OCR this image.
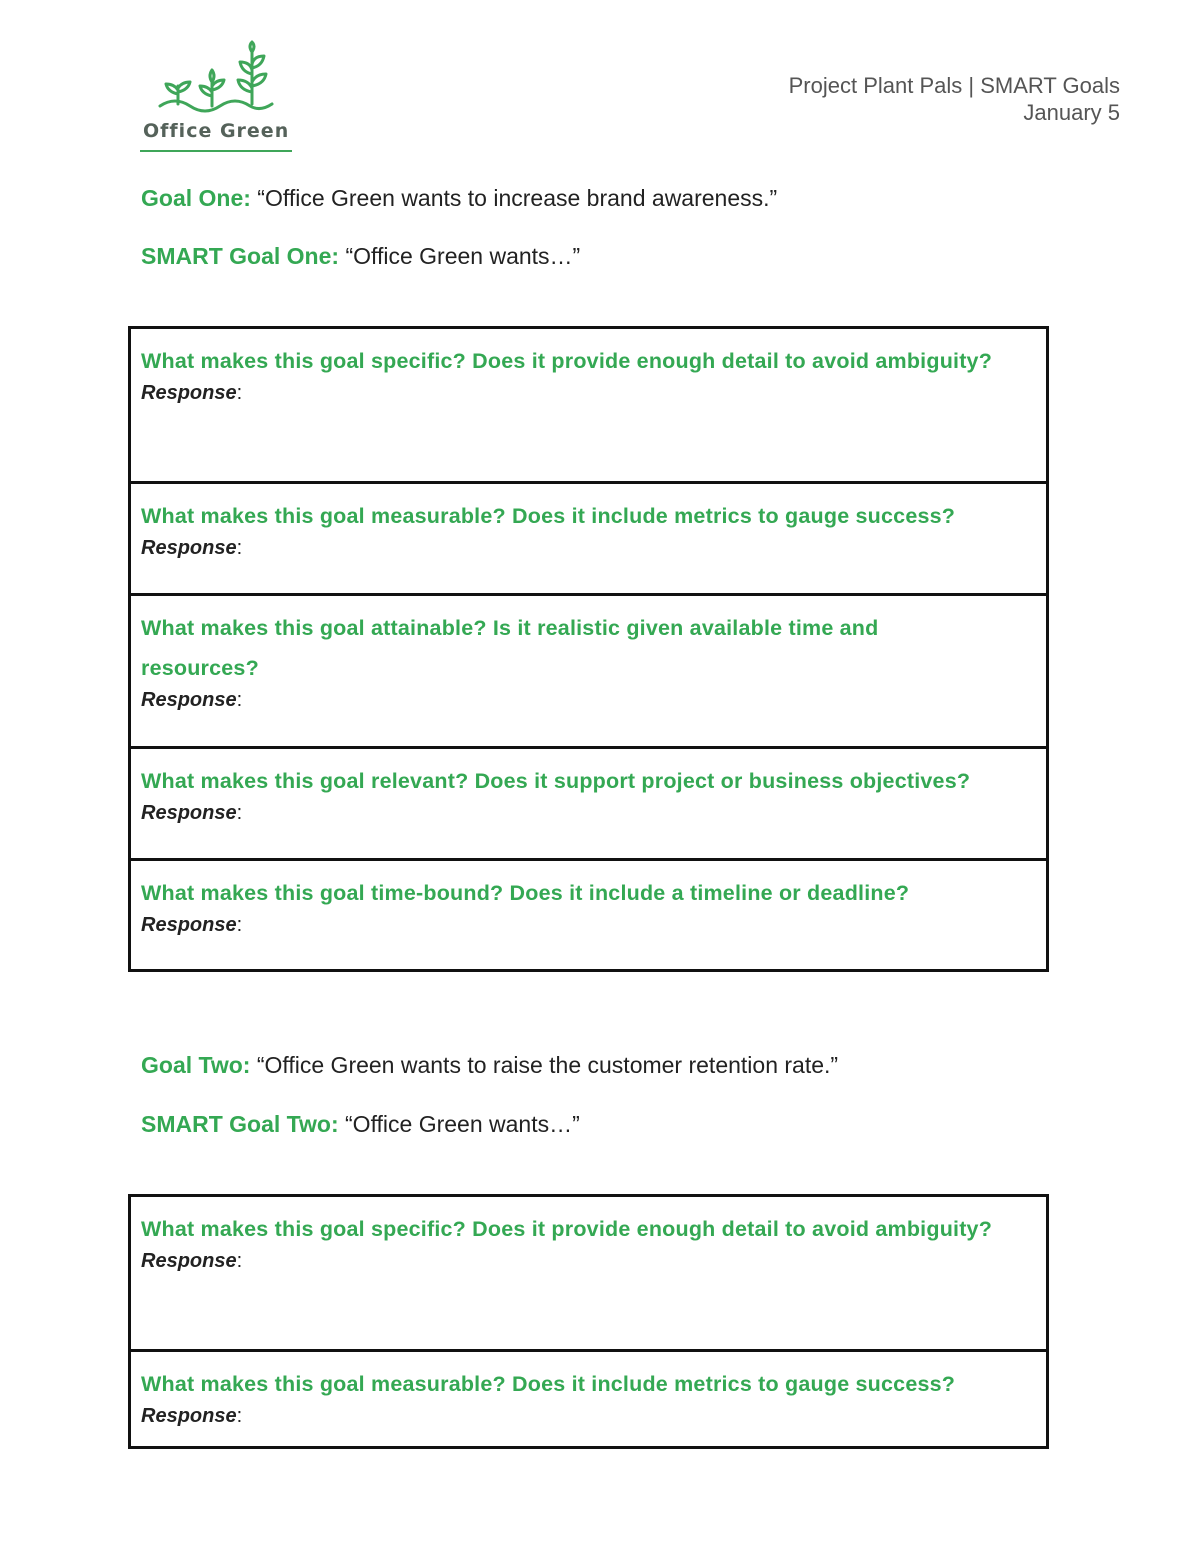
Office Green
Project Plant Pals | SMART Goals
January 5
Goal One: “Office Green wants to increase brand awareness.”
SMART Goal One: “Office Green wants…”
What makes this goal specific? Does it provide enough detail to avoid ambiguity?
Response:
What makes this goal measurable? Does it include metrics to gauge success?
Response:
What makes this goal attainable? Is it realistic given available time and resources?
Response:
What makes this goal relevant? Does it support project or business objectives?
Response:
What makes this goal time-bound? Does it include a timeline or deadline?
Response:
Goal Two: “Office Green wants to raise the customer retention rate.”
SMART Goal Two: “Office Green wants…”
What makes this goal specific? Does it provide enough detail to avoid ambiguity?
Response:
What makes this goal measurable? Does it include metrics to gauge success?
Response:
